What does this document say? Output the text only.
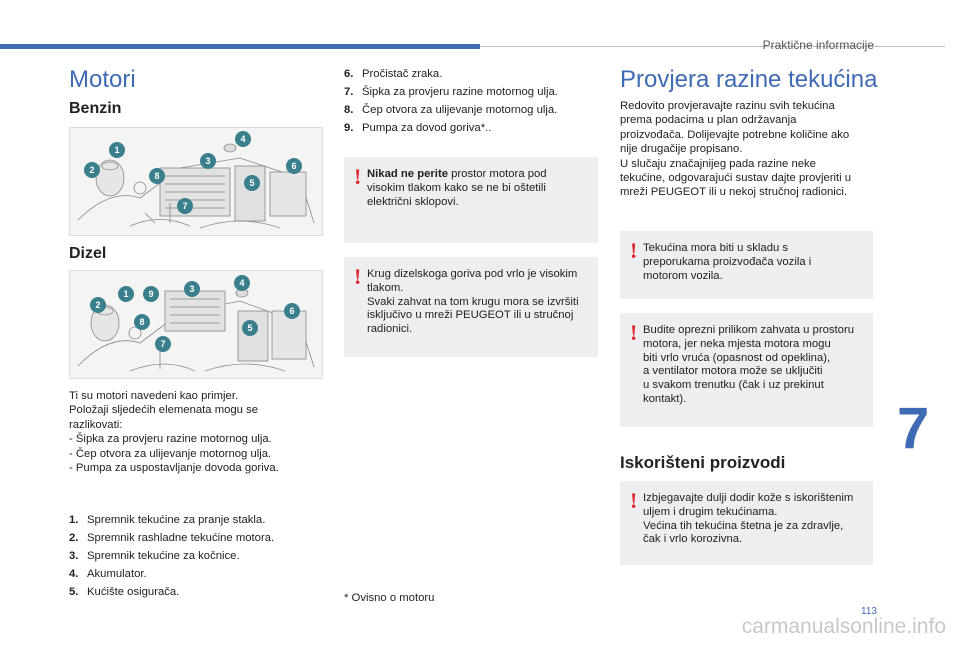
Praktične informacije
Motori
Benzin
1
2
3
4
5
6
7
8
Dizel
1
2
3
4
5
6
7
8
9

Ti su motori navedeni kao primjer.

Položaji sljedećih elemenata mogu se

razlikovati:

- Šipka za provjeru razine motornog ulja.

- Čep otvora za ulijevanje motornog ulja.

- Pumpa za uspostavljanje dovoda goriva.

1. Spremnik tekućine za pranje stakla.
2. Spremnik rashladne tekućine motora.
3. Spremnik tekućine za kočnice.
4. Akumulator.
5. Kućište osigurača.
6. Pročistač zraka.
7. Šipka za provjeru razine motornog ulja.
8. Čep otvora za ulijevanje motornog ulja.
9. Pumpa za dovod goriva*..
! Nikad ne perite prostor motora pod

visokim tlakom kako se ne bi oštetili

električni sklopovi.

! Krug dizelskoga goriva pod vrlo je visokim

tlakom.

Svaki zahvat na tom krugu mora se izvršiti

isključivo u mreži PEUGEOT ili u stručnoj

radionici.

* Ovisno o motoru
Provjera razine tekućina

Redovito provjeravajte razinu svih tekućina

prema podacima u plan održavanja

proizvođača. Dolijevajte potrebne količine ako

nije drugačije propisano.

U slučaju značajnijeg pada razine neke

tekućine, odgovarajući sustav dajte provjeriti u

mreži PEUGEOT ili u nekoj stručnoj radionici.

! Tekućina mora biti u skladu s

preporukama proizvođača vozila i

motorom vozila.

! Budite oprezni prilikom zahvata u prostoru

motora, jer neka mjesta motora mogu

biti vrlo vruća (opasnost od opeklina),

a ventilator motora može se uključiti

u svakom trenutku (čak i uz prekinut

kontakt).

Iskorišteni proizvodi
! Izbjegavajte dulji dodir kože s iskorištenim

uljem i drugim tekućinama.

Većina tih tekućina štetna je za zdravlje,

čak i vrlo korozivna.

7
113
carmanualsonline.info
